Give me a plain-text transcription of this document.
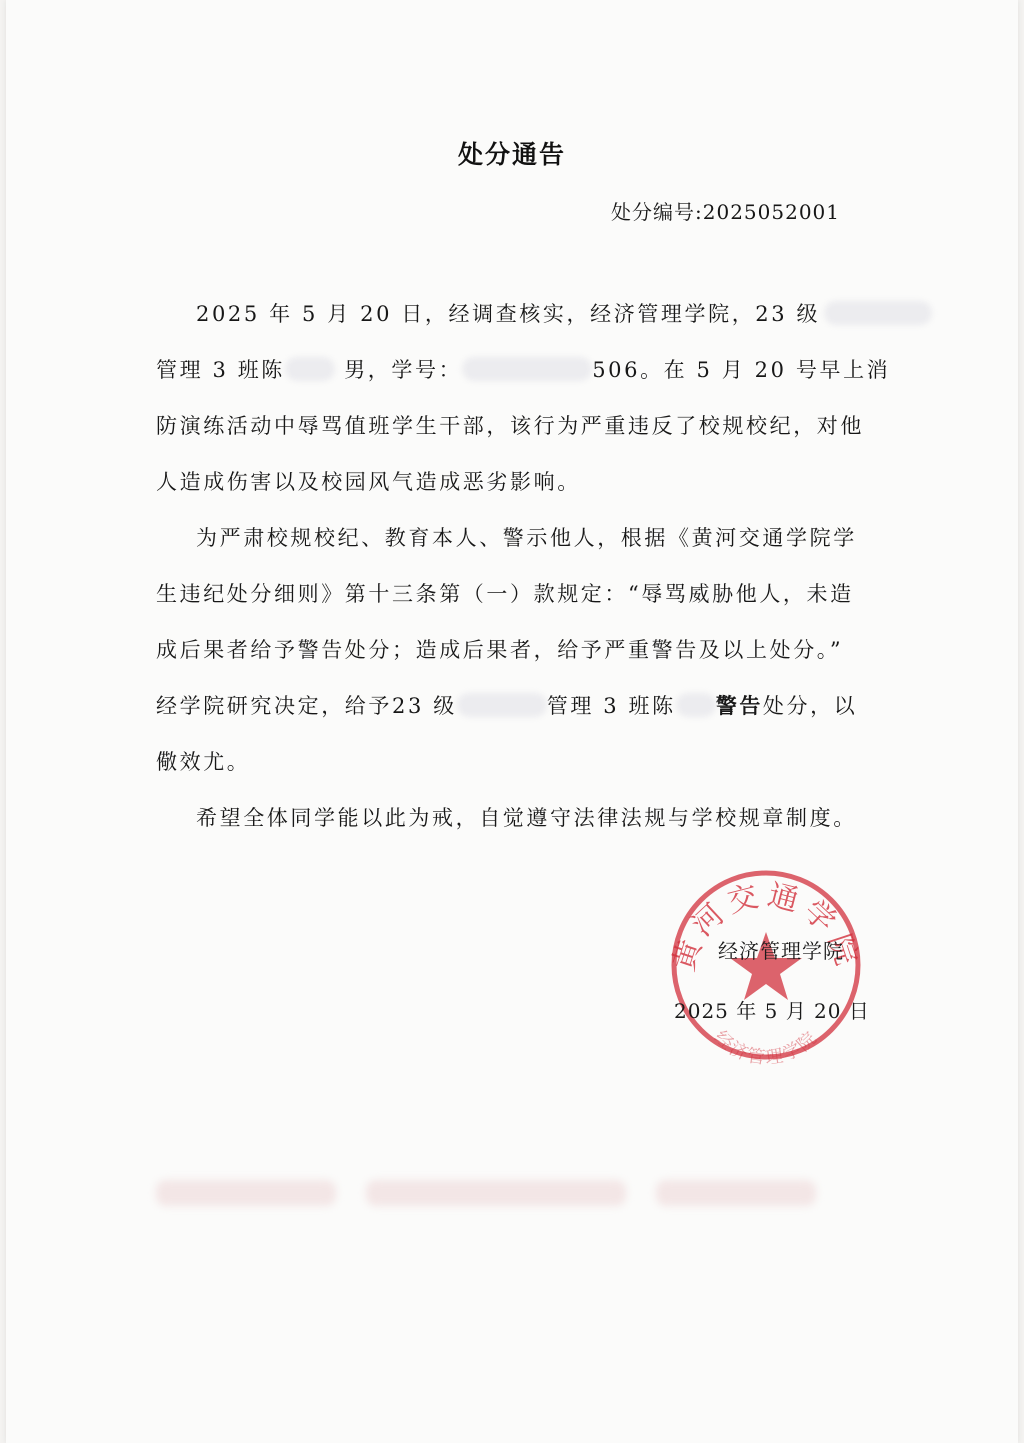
处分通告
处分编号:2025052001
2025 年 5 月 20 日，经调查核实，经济管理学院，23 级
管理 3 班陈 男，学号：	506。在 5 月 20 号早上消
防演练活动中辱骂值班学生干部，该行为严重违反了校规校纪，对他
人造成伤害以及校园风气造成恶劣影响。
为严肃校规校纪、教育本人、警示他人，根据《黄河交通学院学
生违纪处分细则》第十三条第（一）款规定：“辱骂威胁他人，未造
成后果者给予警告处分；造成后果者，给予严重警告及以上处分。”
经学院研究决定，给予23 级	管理 3 班陈 警告处分，以
儆效尤。
希望全体同学能以此为戒，自觉遵守法律法规与学校规章制度。
黄河交通学院
经济管理学院
经济管理学院
2025 年 5 月 20 日
